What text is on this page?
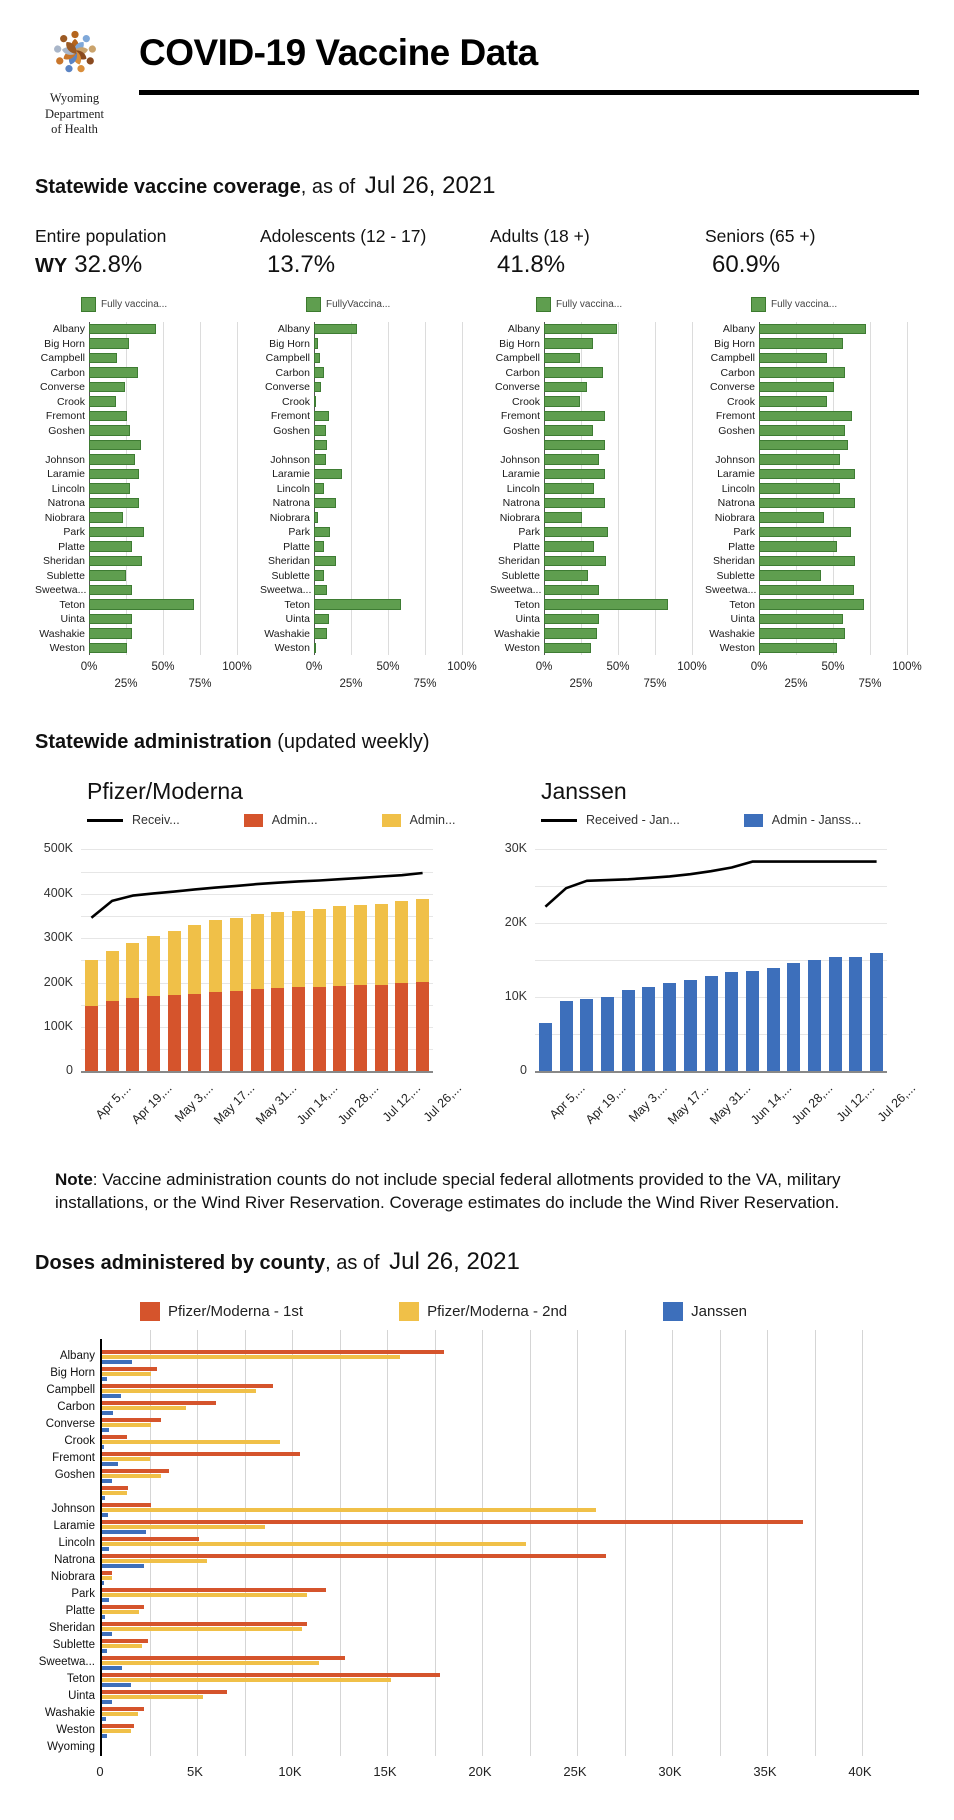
Wyoming
Department
of Health
COVID-19 Vaccine Data
Statewide vaccine coverage, as of Jul 26, 2021
Entire population
WY 32.8%
Fully vaccina...
Albany
Big Horn
Campbell
Carbon
Converse
Crook
Fremont
Goshen
Johnson
Laramie
Lincoln
Natrona
Niobrara
Park
Platte
Sheridan
Sublette
Sweetwa...
Teton
Uinta
Washakie
Weston
0%
25%
50%
75%
100%
Adolescents (12 - 17)
13.7%
FullyVaccina...
Albany
Big Horn
Campbell
Carbon
Converse
Crook
Fremont
Goshen
Johnson
Laramie
Lincoln
Natrona
Niobrara
Park
Platte
Sheridan
Sublette
Sweetwa...
Teton
Uinta
Washakie
Weston
0%
25%
50%
75%
100%
Adults (18 +)
41.8%
Fully vaccina...
Albany
Big Horn
Campbell
Carbon
Converse
Crook
Fremont
Goshen
Johnson
Laramie
Lincoln
Natrona
Niobrara
Park
Platte
Sheridan
Sublette
Sweetwa...
Teton
Uinta
Washakie
Weston
0%
25%
50%
75%
100%
Seniors (65 +)
60.9%
Fully vaccina...
Albany
Big Horn
Campbell
Carbon
Converse
Crook
Fremont
Goshen
Johnson
Laramie
Lincoln
Natrona
Niobrara
Park
Platte
Sheridan
Sublette
Sweetwa...
Teton
Uinta
Washakie
Weston
0%
25%
50%
75%
100%
Statewide administration (updated weekly)
Pfizer/Moderna
Receiv...	Admin...	Admin...
0
100K
200K
300K
400K
500K
Apr 5,...
Apr 19,...
May 3,...
May 17...
May 31...
Jun 14,...
Jun 28,...
Jul 12,...
Jul 26,...
Janssen
Received - Jan...	Admin - Janss...
0
10K
20K
30K
Apr 5,...
Apr 19,...
May 3,...
May 17...
May 31...
Jun 14,...
Jun 28,...
Jul 12,...
Jul 26,...
Note: Vaccine administration counts do not include special federal allotments provided to the VA, military installations, or the Wind River Reservation. Coverage estimates do include the Wind River Reservation.
Doses administered by county, as of Jul 26, 2021
Pfizer/Moderna - 1st	Pfizer/Moderna - 2nd	Janssen
Albany
Big Horn
Campbell
Carbon
Converse
Crook
Fremont
Goshen
Johnson
Laramie
Lincoln
Natrona
Niobrara
Park
Platte
Sheridan
Sublette
Sweetwa...
Teton
Uinta
Washakie
Weston
Wyoming
0	5K	10K	15K	20K	25K	30K	35K	40K
